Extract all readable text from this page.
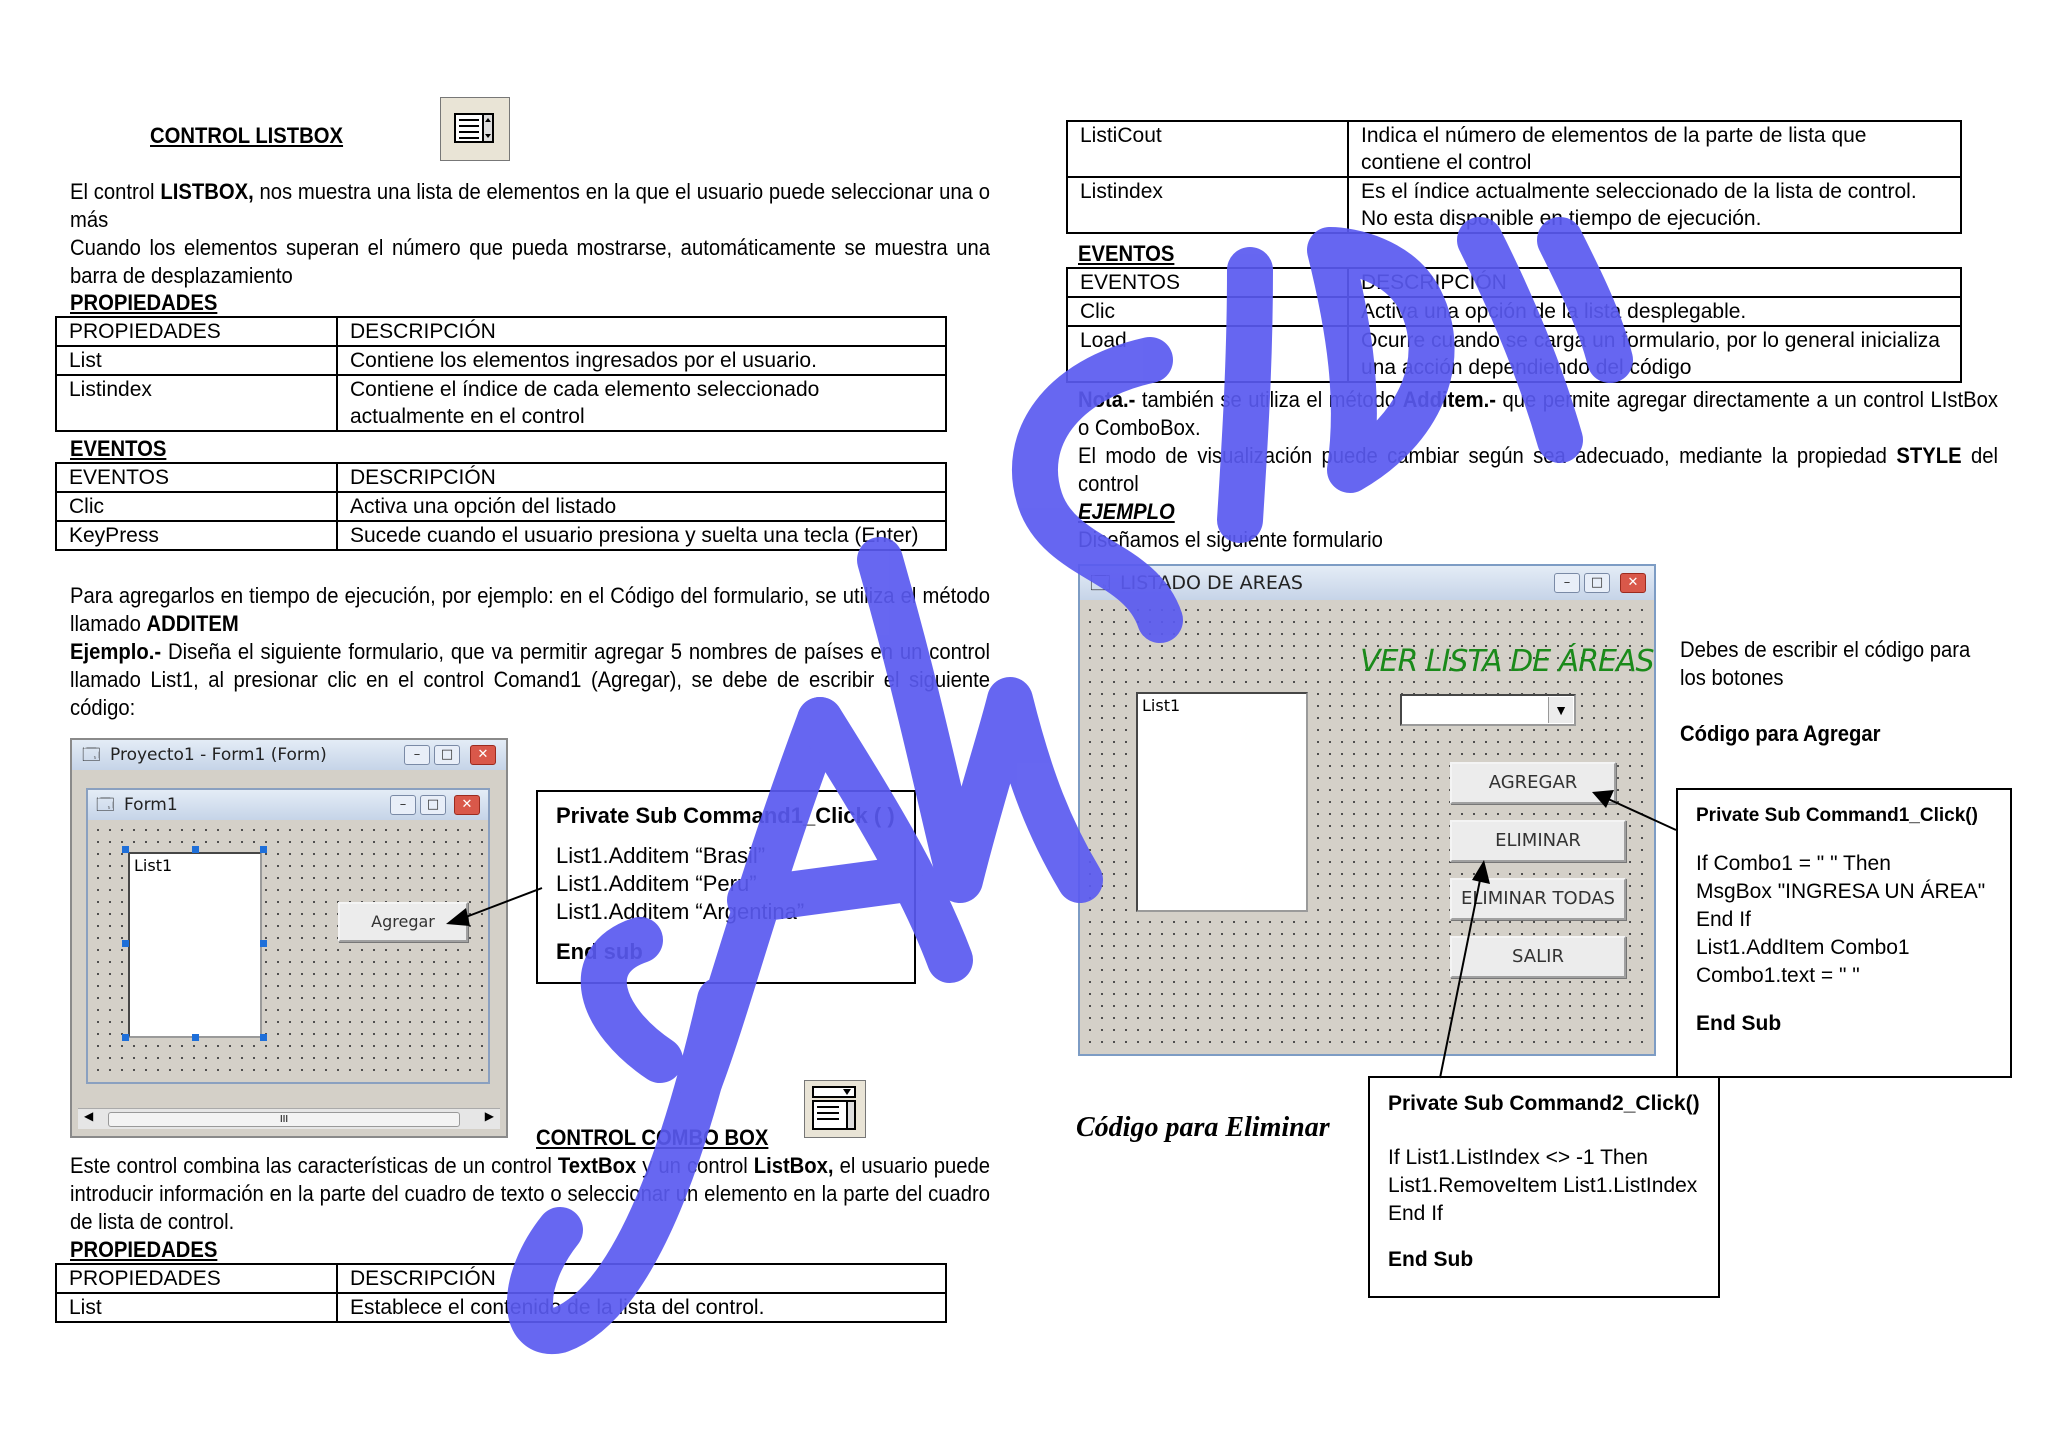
CONTROL LISTBOX
El control LISTBOX, nos muestra una lista de elementos en la que el usuario puede seleccionar una o más
Cuando los elementos superan el número que pueda mostrarse, automáticamente se muestra una barra de desplazamiento
PROPIEDADES
PROPIEDADES	DESCRIPCIÓN
List	Contiene los elementos ingresados por el usuario.
Listindex	Contiene el índice de cada elemento seleccionado actualmente en el control
EVENTOS
EVENTOS	DESCRIPCIÓN
Clic	Activa una opción del listado
KeyPress	Sucede cuando el usuario presiona y suelta una tecla (Enter)
Para agregarlos en tiempo de ejecución, por ejemplo: en el Código del formulario, se utiliza el método llamado ADDITEM
Ejemplo.- Diseña el siguiente formulario, que va permitir agregar 5 nombres de países en un control llamado List1, al presionar clic en el control Comand1 (Agregar), se debe de escribir el siguiente código:
🗔 Proyecto1 - Form1 (Form)	–	□	✕
🗔 Form1	–	□	✕
List1
Agregar
◀	III	▶
Private Sub Command1_Click ( )
List1.Additem “Brasil”
List1.Additem “Peru”
List1.Additem “Argentina”
End sub
CONTROL COMBO BOX
Este control combina las características de un control TextBox y un control ListBox, el usuario puede introducir información en la parte del cuadro de texto o seleccionar un elemento en la parte del cuadro de lista de control.
PROPIEDADES
PROPIEDADES	DESCRIPCIÓN
List	Establece el contenido de la lista del control.
ListiCout	Indica el número de elementos de la parte de lista que contiene el control
Listindex	Es el índice actualmente seleccionado de la lista de control. No esta disponible en tiempo de ejecución.
EVENTOS
EVENTOS	DESCRIPCIÓN
Clic	Activa una opción de la lista desplegable.
Load	Ocurre cuando se carga un formulario, por lo general inicializa una acción dependiendo del código
Nota.- también se utiliza el método Additem.- que permite agregar directamente a un control LIstBox o ComboBox.
El modo de visualización puede cambiar según sea adecuado, mediante la propiedad STYLE del control
EJEMPLO
Diseñamos el siguiente formulario
🗔 LISTADO DE AREAS	–	□	✕
VER LISTA DE ÁREAS
List1	▼
AGREGAR
ELIMINAR
ELIMINAR TODAS
SALIR
Debes de escribir el código para los botones
Código para Agregar
Private Sub Command1_Click()
If Combo1 = " " Then
MsgBox "INGRESA UN ÁREA"
End If
List1.AddItem Combo1
Combo1.text = " "
End Sub
Código para Eliminar
Private Sub Command2_Click()
If List1.ListIndex <> -1 Then
List1.RemoveItem List1.ListIndex
End If
End Sub
